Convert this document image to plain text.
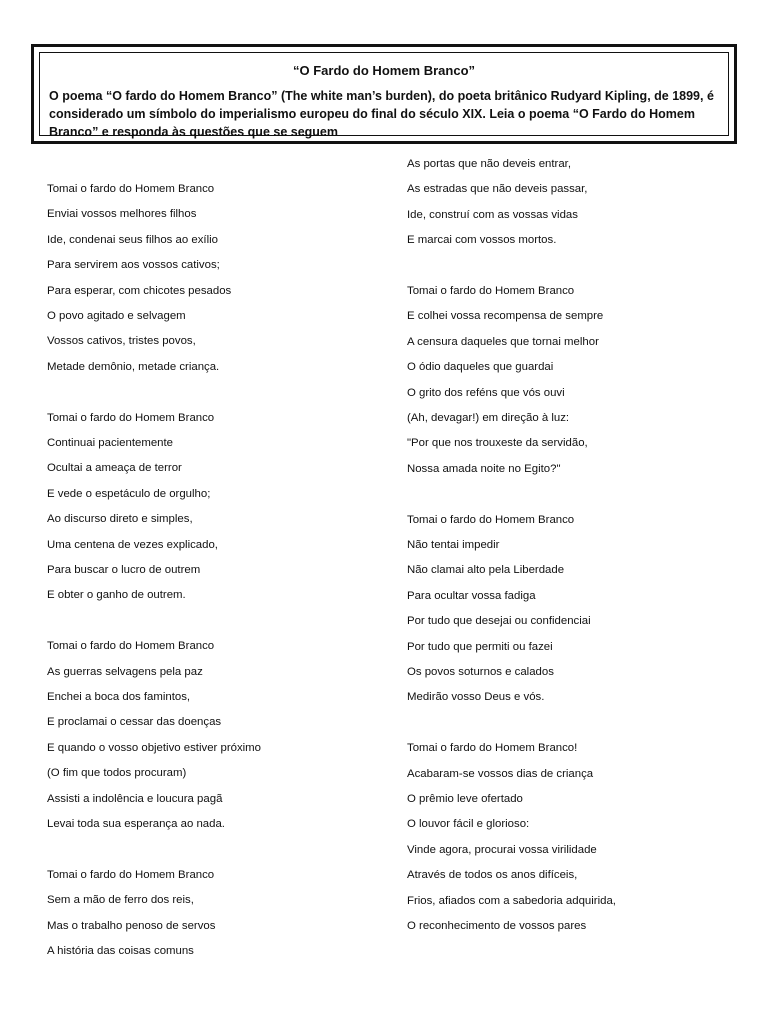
“O Fardo do Homem Branco”
O poema “O fardo do Homem Branco” (The white man’s burden), do poeta britânico Rudyard Kipling, de 1899, é considerado um símbolo do imperialismo europeu do final do século XIX. Leia o poema “O Fardo do Homem Branco” e responda às questões que se seguem
Tomai o fardo do Homem Branco
Enviai vossos melhores filhos
Ide, condenai seus filhos ao exílio
Para servirem aos vossos cativos;
Para esperar, com chicotes pesados
O povo agitado e selvagem
Vossos cativos, tristes povos,
Metade demônio, metade criança.
Tomai o fardo do Homem Branco
Continuai pacientemente
Ocultai a ameaça de terror
E vede o espetáculo de orgulho;
Ao discurso direto e simples,
Uma centena de vezes explicado,
Para buscar o lucro de outrem
E obter o ganho de outrem.
Tomai o fardo do Homem Branco
As guerras selvagens pela paz
Enchei a boca dos famintos,
E proclamai o cessar das doenças
E quando o vosso objetivo estiver próximo
(O fim que todos procuram)
Assisti a indolência e loucura pagã
Levai toda sua esperança ao nada.
Tomai o fardo do Homem Branco
Sem a mão de ferro dos reis,
Mas o trabalho penoso de servos
A história das coisas comuns
As portas que não deveis entrar,
As estradas que não deveis passar,
Ide, construí com as vossas vidas
E marcai com vossos mortos.
Tomai o fardo do Homem Branco
E colhei vossa recompensa de sempre
A censura daqueles que tornai melhor
O ódio daqueles que guardai
O grito dos reféns que vós ouvi
(Ah, devagar!) em direção à luz:
"Por que nos trouxeste da servidão,
Nossa amada noite no Egito?"
Tomai o fardo do Homem Branco
Não tentai impedir
Não clamai alto pela Liberdade
Para ocultar vossa fadiga
Por tudo que desejai ou confidenciai
Por tudo que permiti ou fazei
Os povos soturnos e calados
Medirão vosso Deus e vós.
Tomai o fardo do Homem Branco!
Acabaram-se vossos dias de criança
O prêmio leve ofertado
O louvor fácil e glorioso:
Vinde agora, procurai vossa virilidade
Através de todos os anos difíceis,
Frios, afiados com a sabedoria adquirida,
O reconhecimento de vossos pares
